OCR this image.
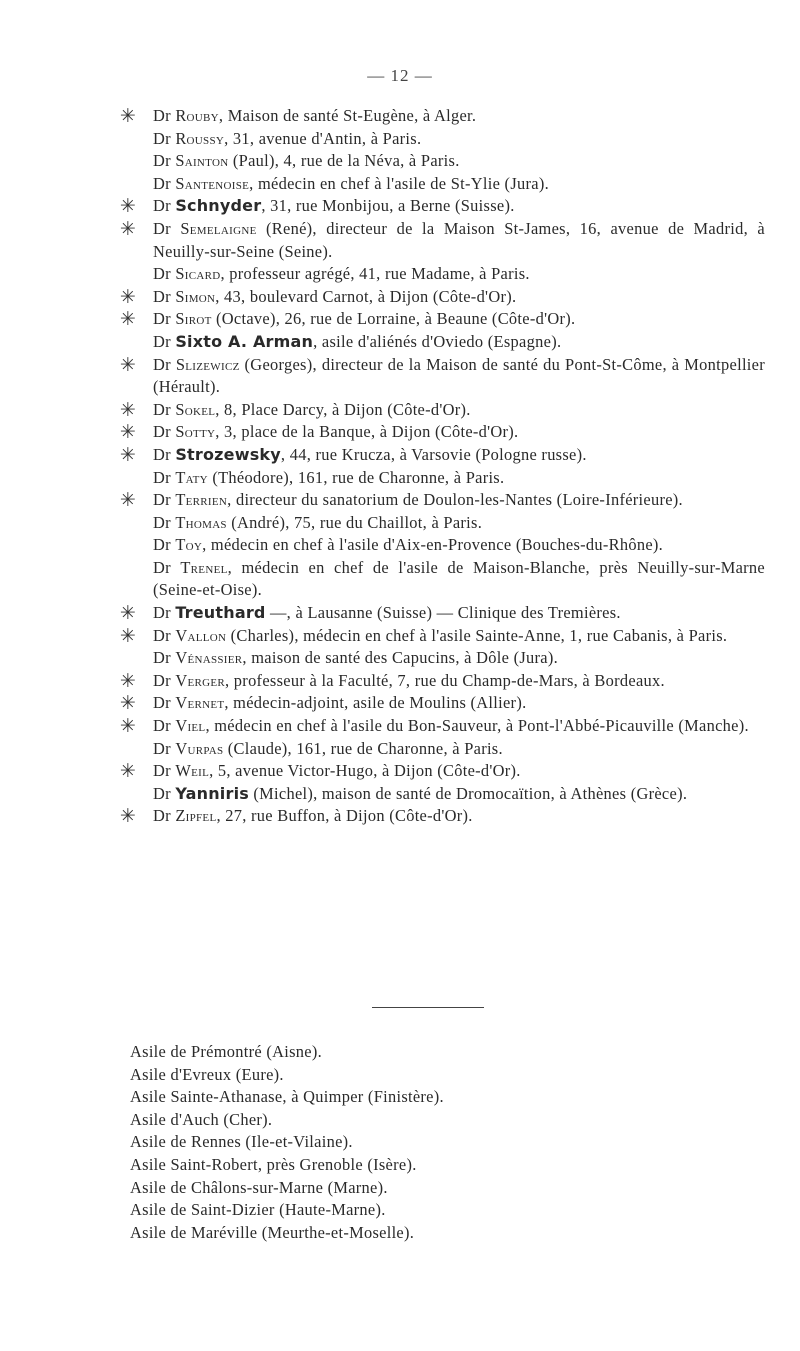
— 12 —
✳ Dr Rouby, Maison de santé St-Eugène, à Alger.
Dr Roussy, 31, avenue d'Antin, à Paris.
Dr Sainton (Paul), 4, rue de la Néva, à Paris.
Dr Santenoise, médecin en chef à l'asile de St-Ylie (Jura).
✳ Dr Schnyder, 31, rue Monbijou, a Berne (Suisse).
✳ Dr Semelaigne (René), directeur de la Maison St-James, 16, avenue de Madrid, à Neuilly-sur-Seine (Seine).
Dr Sicard, professeur agrégé, 41, rue Madame, à Paris.
✳ Dr Simon, 43, boulevard Carnot, à Dijon (Côte-d'Or).
✳ Dr Sirot (Octave), 26, rue de Lorraine, à Beaune (Côte-d'Or).
Dr Sixto A. Arman, asile d'aliénés d'Oviedo (Espagne).
✳ Dr Slizewicz (Georges), directeur de la Maison de santé du Pont-St-Côme, à Montpellier (Hérault).
✳ Dr Sokel, 8, Place Darcy, à Dijon (Côte-d'Or).
✳ Dr Sotty, 3, place de la Banque, à Dijon (Côte-d'Or).
✳ Dr Strozewsky, 44, rue Krucza, à Varsovie (Pologne russe).
Dr Taty (Théodore), 161, rue de Charonne, à Paris.
✳ Dr Terrien, directeur du sanatorium de Doulon-les-Nantes (Loire-Inférieure).
Dr Thomas (André), 75, rue du Chaillot, à Paris.
Dr Toy, médecin en chef à l'asile d'Aix-en-Provence (Bouches-du-Rhône).
Dr Trenel, médecin en chef de l'asile de Maison-Blanche, près Neuilly-sur-Marne (Seine-et-Oise).
✳ Dr Treuthard —, à Lausanne (Suisse) — Clinique des Tremières.
✳ Dr Vallon (Charles), médecin en chef à l'asile Sainte-Anne, 1, rue Cabanis, à Paris.
Dr Vénassier, maison de santé des Capucins, à Dôle (Jura).
✳ Dr Verger, professeur à la Faculté, 7, rue du Champ-de-Mars, à Bordeaux.
✳ Dr Vernet, médecin-adjoint, asile de Moulins (Allier).
✳ Dr Viel, médecin en chef à l'asile du Bon-Sauveur, à Pont-l'Abbé-Picauville (Manche).
Dr Vurpas (Claude), 161, rue de Charonne, à Paris.
✳ Dr Weil, 5, avenue Victor-Hugo, à Dijon (Côte-d'Or).
Dr Yanniris (Michel), maison de santé de Dromocaïtion, à Athènes (Grèce).
✳ Dr Zipfel, 27, rue Buffon, à Dijon (Côte-d'Or).
Asile de Prémontré (Aisne).
Asile d'Evreux (Eure).
Asile Sainte-Athanase, à Quimper (Finistère).
Asile d'Auch (Cher).
Asile de Rennes (Ile-et-Vilaine).
Asile Saint-Robert, près Grenoble (Isère).
Asile de Châlons-sur-Marne (Marne).
Asile de Saint-Dizier (Haute-Marne).
Asile de Maréville (Meurthe-et-Moselle).
